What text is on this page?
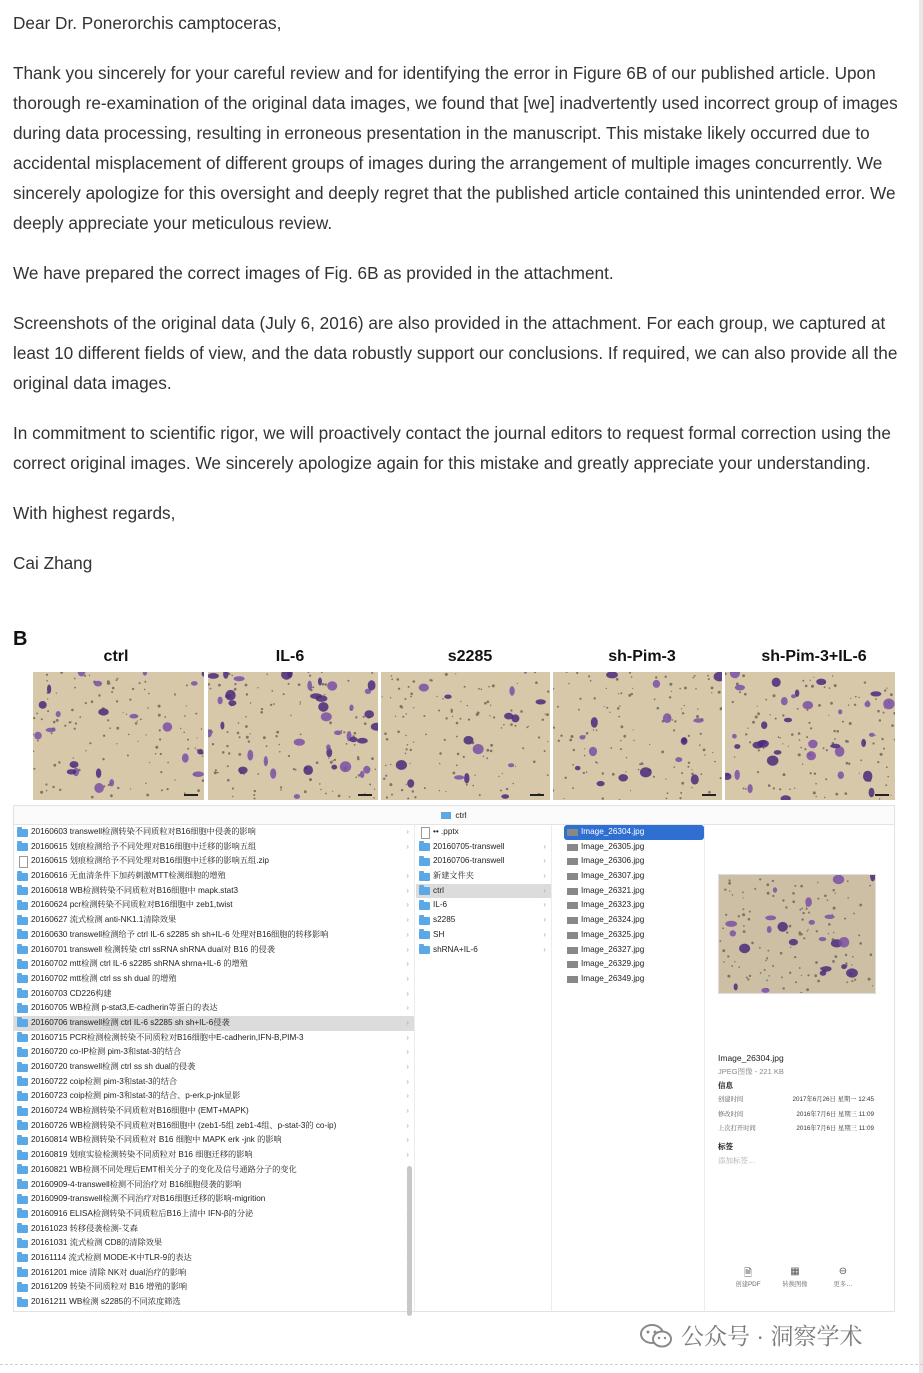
Dear Dr. Ponerorchis camptoceras,

Thank you sincerely for your careful review and for identifying the error in Figure 6B of our published article. Upon thorough re-examination of the original data images, we found that [we] inadvertently used incorrect group of images during data processing, resulting in erroneous presentation in the manuscript. This mistake likely occurred due to accidental misplacement of different groups of images during the arrangement of multiple images concurrently. We sincerely apologize for this oversight and deeply regret that the published article contained this unintended error. We deeply appreciate your meticulous review.

We have prepared the correct images of Fig. 6B as provided in the attachment.

Screenshots of the original data (July 6, 2016) are also provided in the attachment. For each group, we captured at least 10 different fields of view, and the data robustly support our conclusions. If required, we can also provide all the original data images.

In commitment to scientific rigor, we will proactively contact the journal editors to request formal correction using the correct original images. We sincerely apologize again for this mistake and greatly appreciate your understanding.

With highest regards,

Cai Zhang

B
ctrl	IL-6	s2285	sh-Pim-3	sh-Pim-3+IL-6
ctrl
20160603 transwell检测转染不同质粒对B16细胞中侵袭的影响	›
20160615 划痕检测给予不同处理对B16细胞中迁移的影响五组	›
20160615 划痕检测给予不同处理对B16细胞中迁移的影响五组.zip
20160616 无血清条件下加药刺激MTT检测细胞的增殖	›
20160618 WB检测转染不同质粒对B16细胞中 mapk.stat3	›
20160624 pcr检测转染不同质粒对B16细胞中 zeb1,twist	›
20160627 流式检测 anti-NK1.1清除效果	›
20160630 transwell检测给予 ctrl IL-6 s2285 sh sh+IL-6 处理对B16细胞的转移影响	›
20160701 transwell 检测转染 ctrl ssRNA shRNA dual对 B16 的侵袭	›
20160702 mtt检测 ctrl IL-6 s2285 shRNA shrna+IL-6 的增殖	›
20160702 mtt检测 ctrl ss sh dual 的增殖	›
20160703 CD226构建	›
20160705 WB检测 p-stat3,E-cadherin等蛋白的表达	›
20160706 transwell检测 ctrl IL-6 s2285 sh sh+IL-6侵袭	›
20160715 PCR检测检测转染不同质粒对B16细胞中E-cadherin,IFN-B,PIM-3	›
20160720 co-IP检测 pim-3和stat-3的结合	›
20160720 transwell检测 ctrl ss sh dual的侵袭	›
20160722 coip检测 pim-3和stat-3的结合	›
20160723 coip检测 pim-3和stat-3的结合、p-erk,p-jnk显影	›
20160724 WB检测转染不同质粒对B16细胞中 (EMT+MAPK)	›
20160726 WB检测转染不同质粒对B16细胞中 (zeb1-5组 zeb1-4组、p-stat-3的 co-ip)	›
20160814 WB检测转染不同质粒对 B16 细胞中 MAPK erk -jnk 的影响	›
20160819 划痕实验检测转染不同质粒对 B16 细胞迁移的影响	›
20160821 WB检测不同处理后EMT相关分子的变化及信号通路分子的变化
20160909-4-transwell检测不同治疗对 B16细胞侵袭的影响
20160909-transwell检测不同治疗对B16细胞迁移的影响-migrition
20160916 ELISA检测转染不同质粒后B16上清中 IFN-β的分泌
20161023 转移侵袭检测-艾森
20161031 流式检测 CD8的清除效果
20161114 流式检测 MODE-K中TLR-9的表达
20161201 mice 清除 NK对 dual治疗的影响
20161209 转染不同质粒对 B16 增殖的影响
20161211 WB检测 s2285的不同浓度筛选
•• .pptx
20160705-transwell	›
20160706-transwell	›
新建文件夹	›
ctrl	›
IL-6	›
s2285	›
SH	›
shRNA+IL-6	›
Image_26304.jpg
Image_26305.jpg
Image_26306.jpg
Image_26307.jpg
Image_26321.jpg
Image_26323.jpg
Image_26324.jpg
Image_26325.jpg
Image_26327.jpg
Image_26329.jpg
Image_26349.jpg
Image_26304.jpg
JPEG图像 - 221 KB
信息
创建时间	2017年6月26日 星期一 12:45
修改时间	2016年7月6日 星期三 11:09
上次打开时间	2016年7月6日 星期三 11:09
标签
添加标签…
🗎
创建PDF
▦
转换图像
⊖
更多…
公众号 · 洞察学术
